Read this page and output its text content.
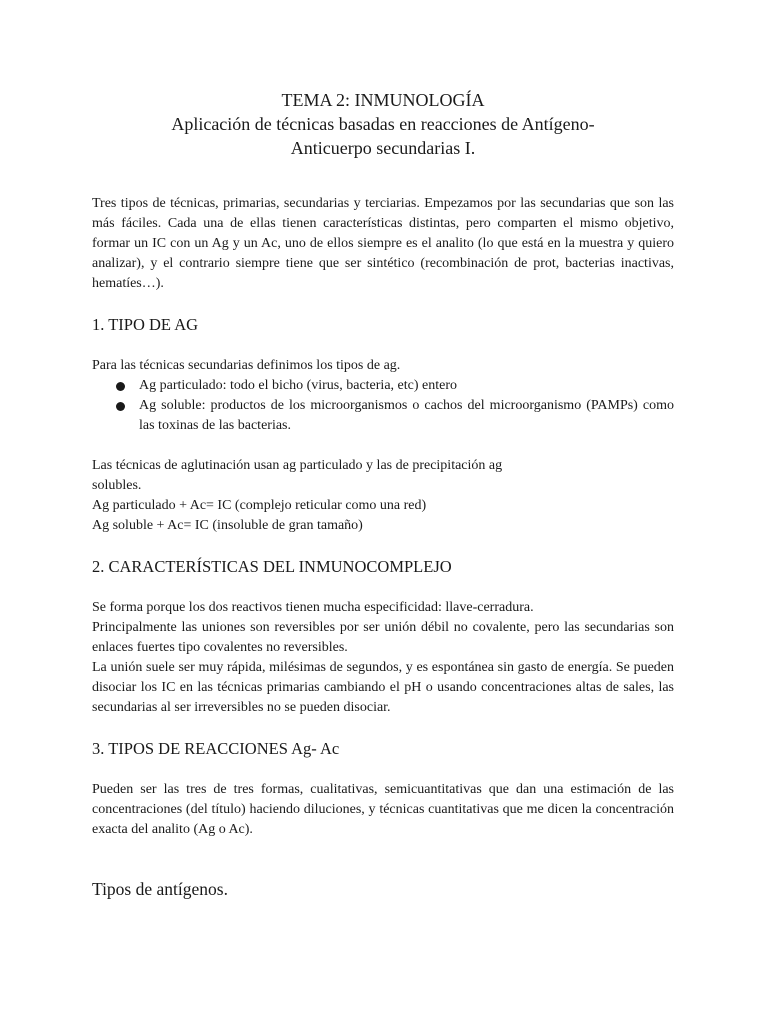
TEMA 2: INMUNOLOGÍA
Aplicación de técnicas basadas en reacciones de Antígeno-
Anticuerpo secundarias I.

Tres tipos de técnicas, primarias, secundarias y terciarias. Empezamos por las secundarias que son las más fáciles. Cada una de ellas tienen características distintas, pero comparten el mismo objetivo, formar un IC con un Ag y un Ac, uno de ellos siempre es el analito (lo que está en la muestra y quiero analizar), y el contrario siempre tiene que ser sintético (recombinación de prot, bacterias inactivas, hematíes…).

1. TIPO DE AG

Para las técnicas secundarias definimos los tipos de ag.

Ag particulado: todo el bicho (virus, bacteria, etc) entero
Ag soluble: productos de los microorganismos o cachos del microorganismo (PAMPs) como las toxinas de las bacterias.

Las técnicas de aglutinación usan ag particulado y las de precipitación ag

solubles.

Ag particulado + Ac= IC (complejo reticular como una red)

Ag soluble + Ac= IC (insoluble de gran tamaño)

2. CARACTERÍSTICAS DEL INMUNOCOMPLEJO

Se forma porque los dos reactivos tienen mucha especificidad: llave-cerradura.

Principalmente las uniones son reversibles por ser unión débil no covalente, pero las secundarias son enlaces fuertes tipo covalentes no reversibles.

La unión suele ser muy rápida, milésimas de segundos, y es espontánea sin gasto de energía. Se pueden disociar los IC en las técnicas primarias cambiando el pH o usando concentraciones altas de sales, las secundarias al ser irreversibles no se pueden disociar.

3. TIPOS DE REACCIONES Ag- Ac

Pueden ser las tres de tres formas, cualitativas, semicuantitativas que dan una estimación de las concentraciones (del título) haciendo diluciones, y técnicas cuantitativas que me dicen la concentración exacta del analito (Ag o Ac).

Tipos de antígenos.
